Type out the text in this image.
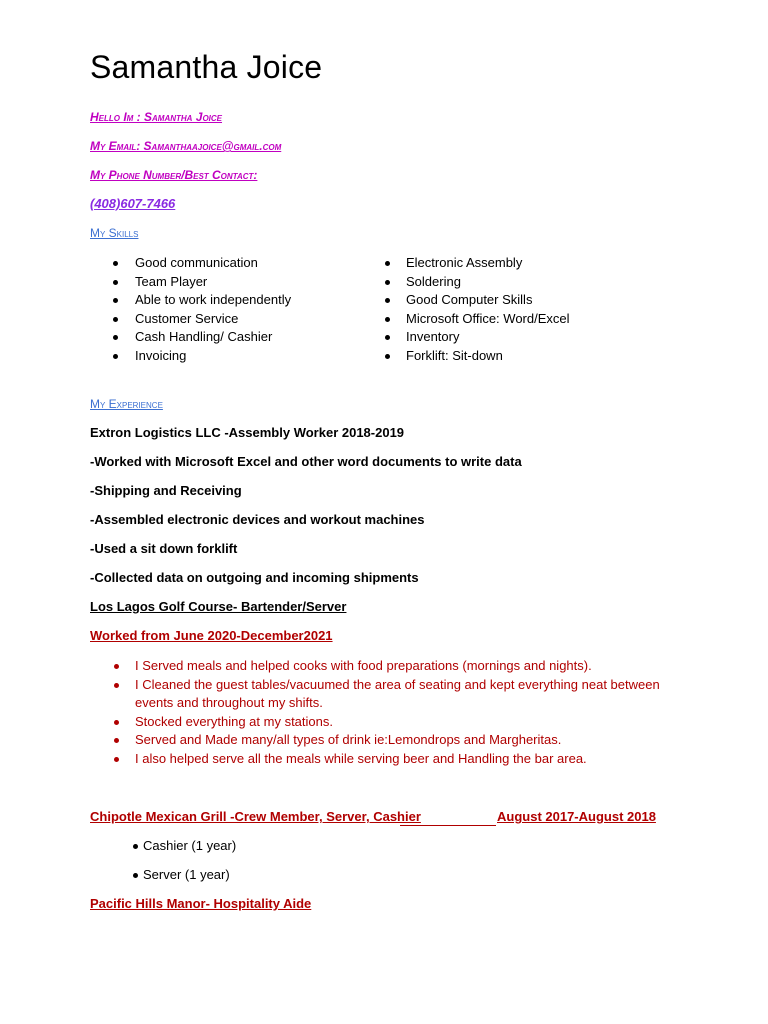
Samantha Joice
Hello Im : Samantha Joice
My Email: Samanthaajoice@gmail.com
My Phone Number/Best Contact:
(408)607-7466
My Skills
Good communication
Team Player
Able to work independently
Customer Service
Cash Handling/ Cashier
Invoicing
Electronic Assembly
Soldering
Good Computer Skills
Microsoft Office: Word/Excel
Inventory
Forklift: Sit-down
My Experience
Extron Logistics LLC -Assembly Worker 2018-2019
-Worked with Microsoft Excel and other word documents to write data
-Shipping and Receiving
-Assembled electronic devices and workout machines
-Used a sit down forklift
-Collected data on outgoing and incoming shipments
Los Lagos Golf Course- Bartender/Server
Worked from June 2020-December2021
I Served meals and helped cooks with food preparations (mornings and nights).
I Cleaned the guest tables/vacuumed the area of seating and kept everything neat between events and throughout my shifts.
Stocked everything at my stations.
Served and Made many/all types of drink ie:Lemondrops and Margheritas.
I also helped serve all the meals while serving beer and Handling the bar area.
Chipotle Mexican Grill -Crew Member, Server, Cashier	August 2017-August 2018
Cashier (1 year)
Server (1 year)
Pacific Hills Manor- Hospitality Aide
